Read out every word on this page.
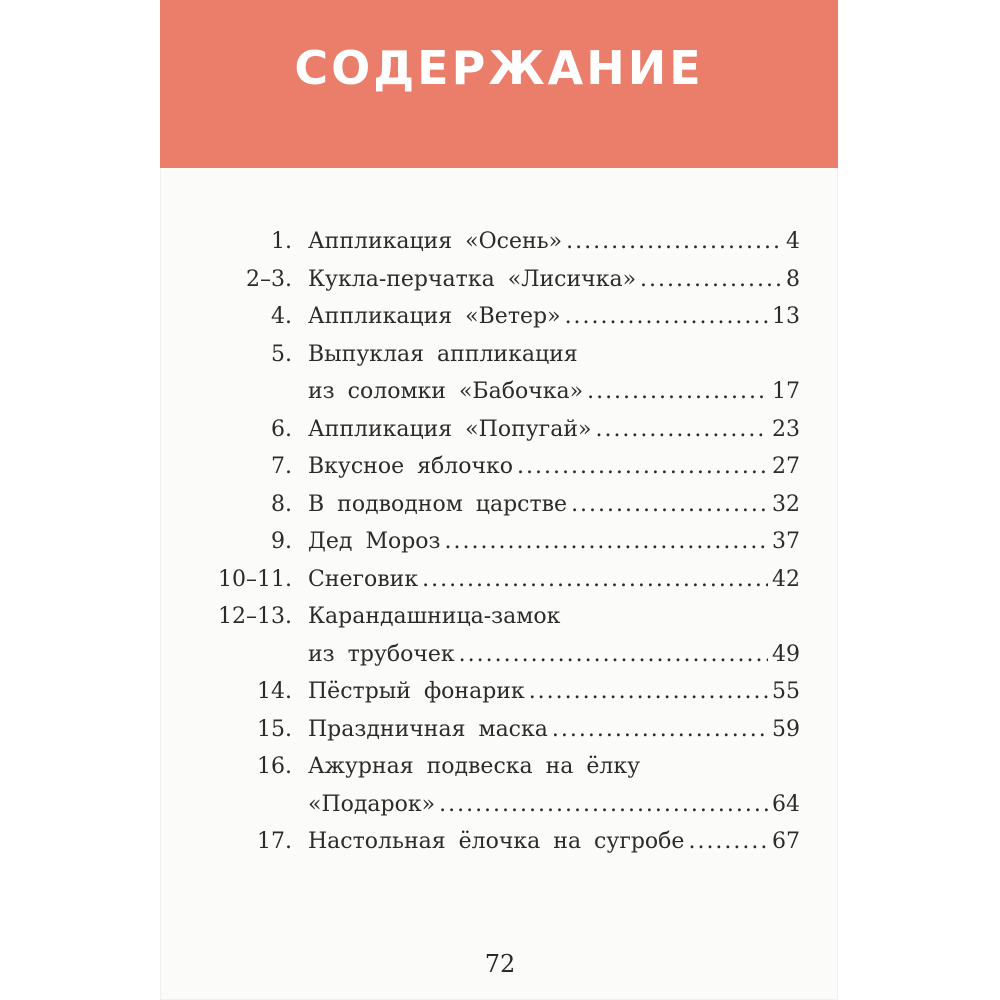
СОДЕРЖАНИЕ
1. Аппликация «Осень» .....	4
2–3. Кукла-перчатка «Лисичка» .....	8
4. Аппликация «Ветер» .....	13
5. Выпуклая аппликация
из соломки «Бабочка» .....	17
6. Аппликация «Попугай» .....	23
7. Вкусное яблочко .....	27
8. В подводном царстве .....	32
9. Дед Мороз .....	37
10–11. Снеговик .....	42
12–13. Карандашница-замок
из трубочек .....	49
14. Пёстрый фонарик .....	55
15. Праздничная маска .....	59
16. Ажурная подвеска на ёлку
«Подарок» .....	64
17. Настольная ёлочка на сугробе .....	67
72
